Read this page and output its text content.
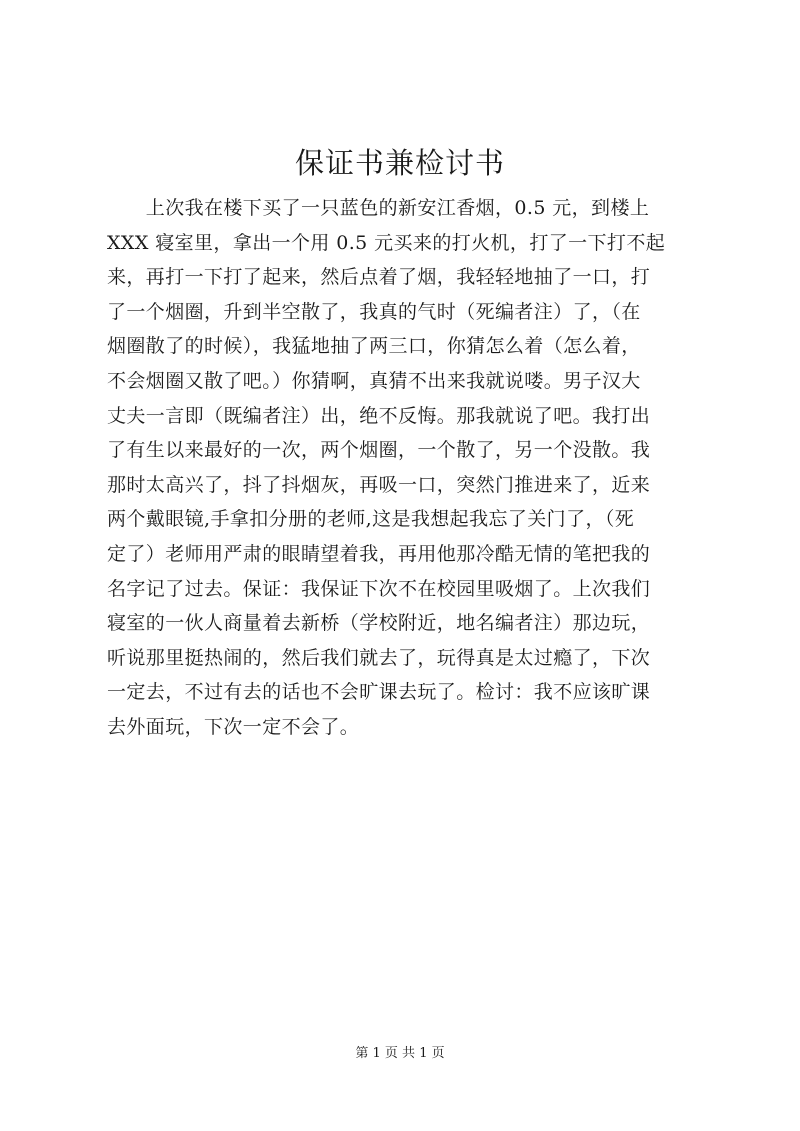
保证书兼检讨书
　　上次我在楼下买了一只蓝色的新安江香烟，0.5 元，到楼上
XXX 寝室里，拿出一个用 0.5 元买来的打火机，打了一下打不起
来，再打一下打了起来，然后点着了烟，我轻轻地抽了一口，打
了一个烟圈，升到半空散了，我真的气时（死编者注）了，（在
烟圈散了的时候），我猛地抽了两三口，你猜怎么着（怎么着，
不会烟圈又散了吧。）你猜啊，真猜不出来我就说喽。男子汉大
丈夫一言即（既编者注）出，绝不反悔。那我就说了吧。我打出
了有生以来最好的一次，两个烟圈，一个散了，另一个没散。我
那时太高兴了，抖了抖烟灰，再吸一口，突然门推进来了，近来
两个戴眼镜,手拿扣分册的老师,这是我想起我忘了关门了，（死
定了）老师用严肃的眼睛望着我，再用他那冷酷无情的笔把我的
名字记了过去。保证：我保证下次不在校园里吸烟了。上次我们
寝室的一伙人商量着去新桥（学校附近，地名编者注）那边玩，
听说那里挺热闹的，然后我们就去了，玩得真是太过瘾了，下次
一定去，不过有去的话也不会旷课去玩了。检讨：我不应该旷课
去外面玩，下次一定不会了。
第 1 页 共 1 页
